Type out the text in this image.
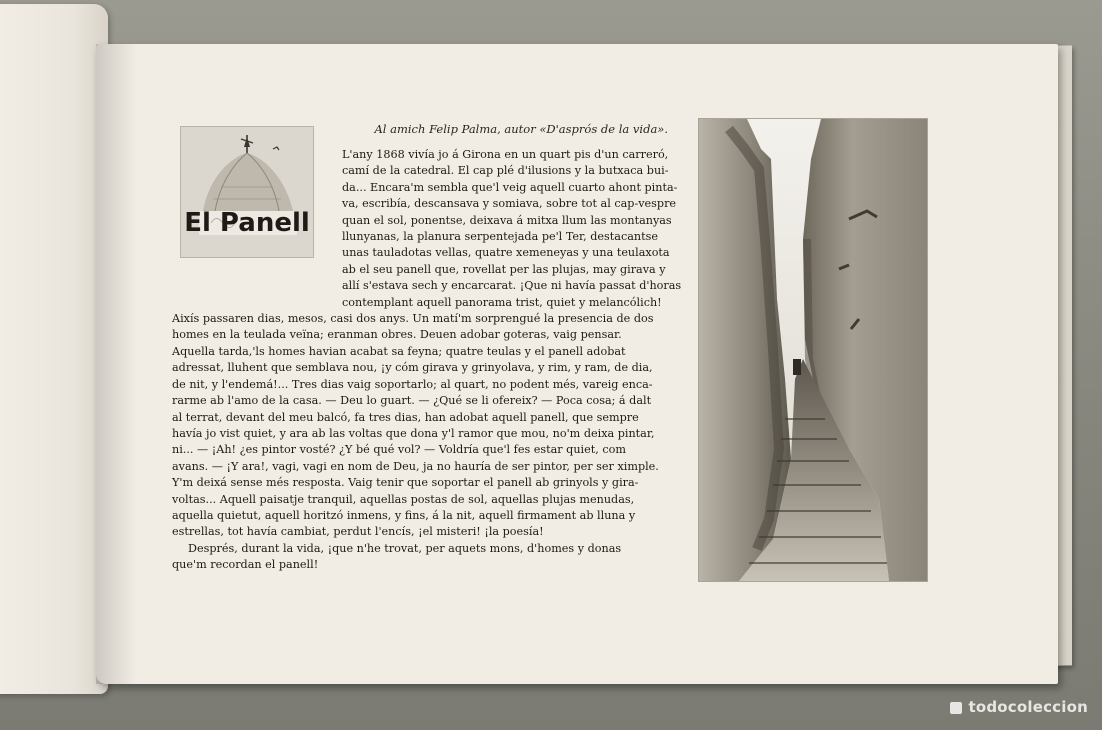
Al amich Felip Palma, autor «D'asprós de la vida».
El Panell

L'any 1868 vivía jo á Girona en un quart pis d'un carreró,
camí de la catedral. El cap plé d'ilusions y la butxaca bui-
da... Encara'm sembla que'l veig aquell cuarto ahont pinta-
va, escribía, descansava y somiava, sobre tot al cap-vespre
quan el sol, ponentse, deixava á mitxa llum las montanyas
llunyanas, la planura serpentejada pe'l Ter, destacantse
unas tauladotas vellas, quatre xemeneyas y una teulaxota
ab el seu panell que, rovellat per las plujas, may girava y
allí s'estava sech y encarcarat. ¡Que ni havía passat d'horas
contemplant aquell panorama trist, quiet y melancólich!
Aixís passaren dias, mesos, casi dos anys. Un matí'm sorprengué la presencia de dos
homes en la teulada veïna; eranman obres. Deuen adobar goteras, vaig pensar.
Aquella tarda,'ls homes havian acabat sa feyna; quatre teulas y el panell adobat
adressat, lluhent que semblava nou, ¡y cóm girava y grinyolava, y rim, y ram, de dia,
de nit, y l'endemá!... Tres dias vaig soportarlo; al quart, no podent més, vareig enca-
rarme ab l'amo de la casa. — Deu lo guart. — ¿Qué se li ofereix? — Poca cosa; á dalt
al terrat, devant del meu balcó, fa tres dias, han adobat aquell panell, que sempre
havía jo vist quiet, y ara ab las voltas que dona y'l ramor que mou, no'm deixa pintar,
ni... — ¡Ah! ¿es pintor vosté? ¿Y bé qué vol? — Voldría que'l fes estar quiet, com
avans. — ¡Y ara!, vagi, vagi en nom de Deu, ja no hauría de ser pintor, per ser ximple.
Y'm deixá sense més resposta. Vaig tenir que soportar el panell ab grinyols y gira-
voltas... Aquell paisatje tranquil, aquellas postas de sol, aquellas plujas menudas,
aquella quietut, aquell horitzó inmens, y fins, á la nit, aquell firmament ab lluna y
estrellas, tot havía cambiat, perdut l'encís, ¡el misteri! ¡la poesía!

Després, durant la vida, ¡que n'he trovat, per aquets mons, d'homes y donas
que'm recordan el panell!

todocoleccion
